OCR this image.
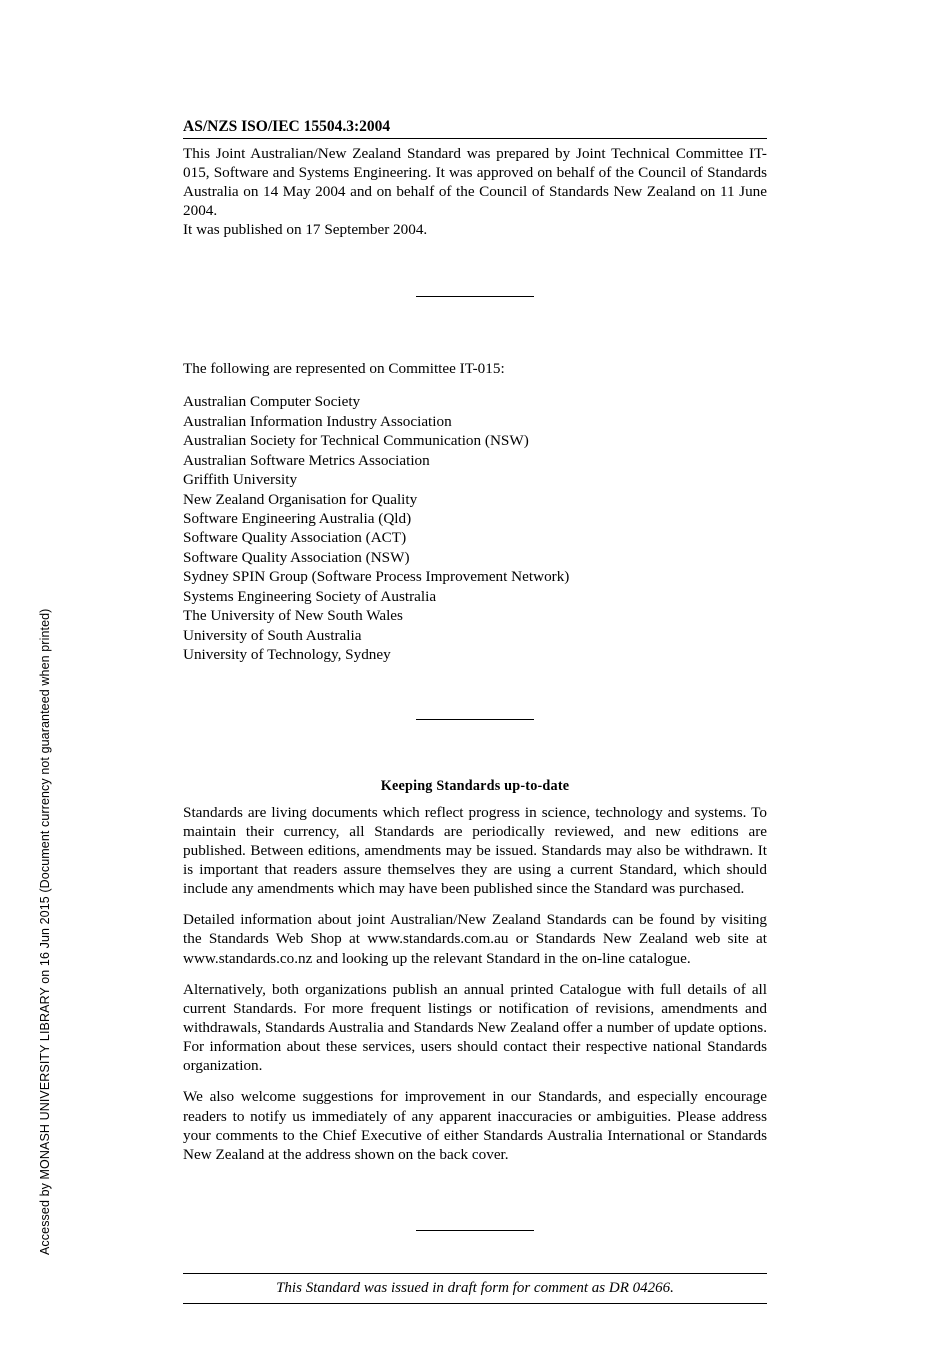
Accessed by MONASH UNIVERSITY LIBRARY on 16 Jun 2015 (Document currency not guaranteed when printed)
AS/NZS ISO/IEC 15504.3:2004

This Joint Australian/New Zealand Standard was prepared by Joint Technical Committee IT-015, Software and Systems Engineering. It was approved on behalf of the Council of Standards Australia on 14 May 2004 and on behalf of the Council of Standards New Zealand on 11 June 2004.

It was published on 17 September 2004.

The following are represented on Committee IT-015:

Australian Computer Society
Australian Information Industry Association
Australian Society for Technical Communication (NSW)
Australian Software Metrics Association
Griffith University
New Zealand Organisation for Quality
Software Engineering Australia (Qld)
Software Quality Association (ACT)
Software Quality Association (NSW)
Sydney SPIN Group (Software Process Improvement Network)
Systems Engineering Society of Australia
The University of New South Wales
University of South Australia
University of Technology, Sydney

Keeping Standards up-to-date

Standards are living documents which reflect progress in science, technology and systems. To maintain their currency, all Standards are periodically reviewed, and new editions are published. Between editions, amendments may be issued. Standards may also be withdrawn. It is important that readers assure themselves they are using a current Standard, which should include any amendments which may have been published since the Standard was purchased.

Detailed information about joint Australian/New Zealand Standards can be found by visiting the Standards Web Shop at www.standards.com.au or Standards New Zealand web site at www.standards.co.nz and looking up the relevant Standard in the on-line catalogue.

Alternatively, both organizations publish an annual printed Catalogue with full details of all current Standards. For more frequent listings or notification of revisions, amendments and withdrawals, Standards Australia and Standards New Zealand offer a number of update options. For information about these services, users should contact their respective national Standards organization.

We also welcome suggestions for improvement in our Standards, and especially encourage readers to notify us immediately of any apparent inaccuracies or ambiguities. Please address your comments to the Chief Executive of either Standards Australia International or Standards New Zealand at the address shown on the back cover.

This Standard was issued in draft form for comment as DR 04266.
